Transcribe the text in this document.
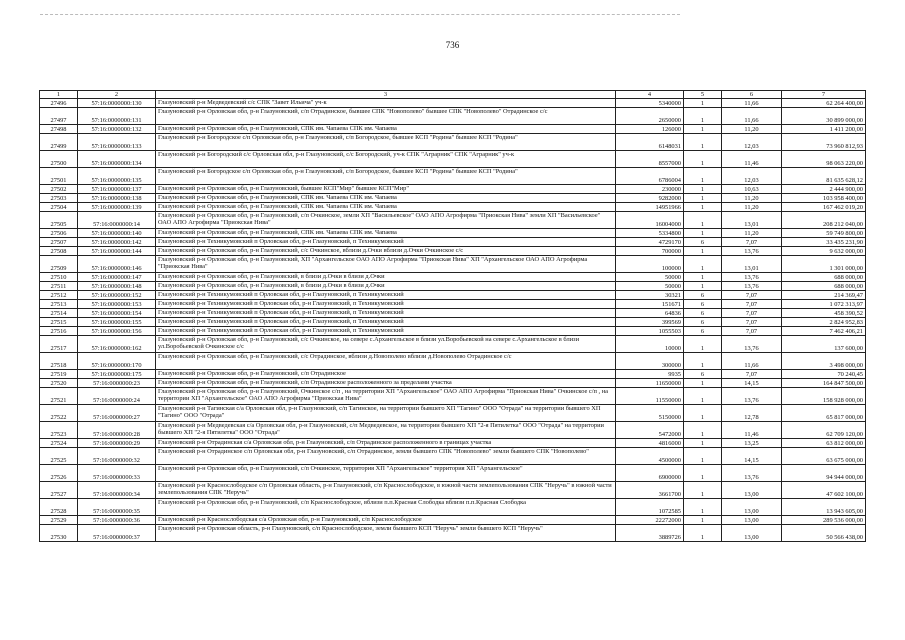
736
1	2	3	4	5	6	7
27496	57:16:0000000:130	Глазуновский р-н Медведевский с/с СПК "Завет Ильича" уч-к	5340000	1	11,66	62 264 400,00
27497	57:16:0000000:131	Глазуновский р-н Орловская обл, р-н Глазуновский, с/п Отрадинское, бывшее СПК "Новополево" бывшее СПК "Новополево" Отрадинское с/с	2650000	1	11,66	30 899 000,00
27498	57:16:0000000:132	Глазуновский р-н Орловская обл, р-н Глазуновский, СПК им. Чапаева СПК им. Чапаева	126000	1	11,20	1 411 200,00
27499	57:16:0000000:133	Глазуновский р-н Богородское с/п Орловская обл, р-н Глазуновский, с/п Богородское, бывшее КСП "Родина" бывшее КСП "Родина"	6148031	1	12,03	73 960 812,93
27500	57:16:0000000:134	Глазуновский р-н Богородский с/с Орловская обл, р-н Глазуновский, с/с Богородский, уч-к СПК "Аграрник" СПК "Аграрник" уч-к	8557000	1	11,46	98 063 220,00
27501	57:16:0000000:135	Глазуновский р-н Богородское с/п Орловская обл, р-н Глазуновский, с/п Богородское, бывшее КСП "Родина" бывшее КСП "Родина"	6786004	1	12,03	81 635 628,12
27502	57:16:0000000:137	Глазуновский р-н Орловская обл, р-н Глазуновский, бывшее КСП"Мир" бывшее КСП"Мир"	230000	1	10,63	2 444 900,00
27503	57:16:0000000:138	Глазуновский р-н Орловская обл, р-н Глазуновский, СПК им. Чапаева СПК им. Чапаева	9282000	1	11,20	103 958 400,00
27504	57:16:0000000:139	Глазуновский р-н Орловская обл, р-н Глазуновский, СПК им. Чапаева СПК им. Чапаева	14951966	1	11,20	167 462 019,20
27505	57:16:0000000:14	Глазуновский р-н Орловская обл, р-н Глазуновский, с/п Очкинское, земли ХП "Васильевское" ОАО АПО Агрофирма "Приокская Нива" земли ХП "Васильевское" ОАО АПО Агрофирма "Приокская Нива"	16004000	1	13,01	208 212 040,00
27506	57:16:0000000:140	Глазуновский р-н Орловская обл, р-н Глазуновский, СПК им. Чапаева СПК им. Чапаева	5334800	1	11,20	59 749 800,00
27507	57:16:0000000:142	Глазуновский р-н Техникумовский п Орловская обл, р-н Глазуновский, п Техникумовский	4729170	6	7,07	33 435 231,90
27508	57:16:0000000:144	Глазуновский р-н Орловская обл, р-н Глазуновский, с/с Очкинское, вблизи д.Очки вблизи д.Очки Очкинское с/с	700000	1	13,76	9 632 000,00
27509	57:16:0000000:146	Глазуновский р-н Орловская обл, р-н Глазуновский, ХП "Архангельское ОАО АПО Агрофирма "Приокская Нива" ХП "Архангельское ОАО АПО Агрофирма "Приокская Нива"	100000	1	13,01	1 301 000,00
27510	57:16:0000000:147	Глазуновский р-н Орловская обл, р-н Глазуновский, в близи д.Очки в близи д.Очки	50000	1	13,76	688 000,00
27511	57:16:0000000:148	Глазуновский р-н Орловская обл, р-н Глазуновский, в близи д.Очки в близи д.Очки	50000	1	13,76	688 000,00
27512	57:16:0000000:152	Глазуновский р-н Техникумовский п Орловская обл, р-н Глазуновский, п Техникумовский	30321	6	7,07	214 369,47
27513	57:16:0000000:153	Глазуновский р-н Техникумовский п Орловская обл, р-н Глазуновский, п Техникумовский	151671	6	7,07	1 072 313,97
27514	57:16:0000000:154	Глазуновский р-н Техникумовский п Орловская обл, р-н Глазуновский, п Техникумовский	64836	6	7,07	458 390,52
27515	57:16:0000000:155	Глазуновский р-н Техникумовский п Орловская обл, р-н Глазуновский, п Техникумовский	399569	6	7,07	2 824 952,83
27516	57:16:0000000:156	Глазуновский р-н Техникумовский п Орловская обл, р-н Глазуновский, п Техникумовский	1055503	6	7,07	7 462 406,21
27517	57:16:0000000:162	Глазуновский р-н Орловская обл, р-н Глазуновский, с/с Очкинское, на севере с.Архангельское в близи ул.Воробьевской на севере с.Архангельское в близи ул.Воробьевской Очкинское с/с	10000	1	13,76	137 600,00
27518	57:16:0000000:170	Глазуновский р-н Орловская обл, р-н Глазуновский, с/с Отрадинское, вблизи д.Новополево вблизи д.Новополево Отрадинское с/с	300000	1	11,66	3 498 000,00
27519	57:16:0000000:175	Глазуновский р-н Орловская обл, р-н Глазуновский, с/п Отрадинское	9935	6	7,07	70 240,45
27520	57:16:0000000:23	Глазуновский р-н Орловская обл, р-н Глазуновский, с/п Отрадинское расположенного за пределами участка	11650000	1	14,15	164 847 500,00
27521	57:16:0000000:24	Глазуновский р-н Орловская обл, р-н Глазуновский, Очкинское с/п , на территории ХП "Архангельское" ОАО АПО Агрофирма "Приокская Нива" Очкинское с/п , на территории ХП "Архангельское" ОАО АПО Агрофирма "Приокская Нива"	11550000	1	13,76	158 928 000,00
27522	57:16:0000000:27	Глазуновский р-н Тагинская с/а Орловская обл, р-н Глазуновский, с/п Тагинское, на территории бывшего ХП "Тагино" ООО "Отрада" на территории бывшего ХП "Тагино" ООО "Отрада"	5150000	1	12,78	65 817 000,00
27523	57:16:0000000:28	Глазуновский р-н Медведевская с/а Орловская обл, р-н Глазуновский, с/п Медведевское, на территории бывшего ХП "2-я Пятилетка" ООО "Отрада" на территории бывшего ХП "2-я Пятилетка" ООО "Отрада"	5472000	1	11,46	62 709 120,00
27524	57:16:0000000:29	Глазуновский р-н Отрадинская с/а Орловская обл, р-н Глазуновский, с/п Отрадинское расположенного в границах участка	4816000	1	13,25	63 812 000,00
27525	57:16:0000000:32	Глазуновский р-н Отрадинское с/п Орловская обл, р-н Глазуновский, с/п Отрадинское, земли бывшего СПК "Новополево" земли бывшего СПК "Новополево"	4500000	1	14,15	63 675 000,00
27526	57:16:0000000:33	Глазуновский р-н Орловская обл, р-н Глазуновский, с/п Очкинское, территория ХП "Архангельское" территория ХП "Архангельское"	6900000	1	13,76	94 944 000,00
27527	57:16:0000000:34	Глазуновский р-н Краснослободское с/п Орловская область, р-н Глазуновский, с/п Краснослободское, в южной части землепользования СПК "Неручь" в южной части землепользования СПК "Неручь"	3661700	1	13,00	47 602 100,00
27528	57:16:0000000:35	Глазуновский р-н Орловская обл, р-н Глазуновский, с/п Краснослободское, вблизи п.п.Красная Слободка вблизи п.п.Красная Слободка	1072585	1	13,00	13 943 605,00
27529	57:16:0000000:36	Глазуновский р-н Краснослободская с/а Орловская обл, р-н Глазуновский, с/п Краснослободское	22272000	1	13,00	289 536 000,00
27530	57:16:0000000:37	Глазуновский р-н Орловская область, р-н Глазуновский, с/п Краснослободское, земли бывшего КСП "Неручь" земли бывшего КСП "Неручь"	3889726	1	13,00	50 566 438,00
